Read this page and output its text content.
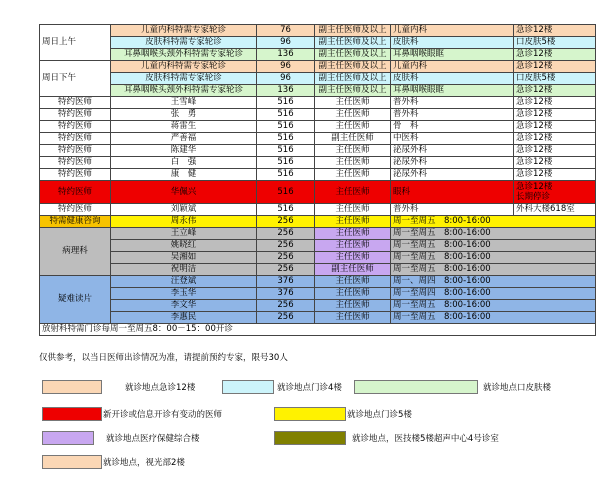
周日上午	儿童内科特需专家轮诊	76	副主任医师及以上	儿童内科	急诊12楼
	皮肤科特需专家轮诊	96	副主任医师及以上	皮肤科	口皮肤5楼
	耳鼻咽喉头颈外科特需专家轮诊	136	副主任医师及以上	耳鼻咽喉眼眶	急诊12楼
周日下午	儿童内科特需专家轮诊	96	副主任医师及以上	儿童内科	急诊12楼
	皮肤科特需专家轮诊	96	副主任医师及以上	皮肤科	口皮肤5楼
	耳鼻咽喉头颈外科特需专家轮诊	136	副主任医师及以上	耳鼻咽喉眼眶	急诊12楼
特约医师	王雪峰	516	主任医师	普外科	急诊12楼
特约医师	张　勇	516	主任医师	普外科	急诊12楼
特约医师	蒋雷生	516	主任医师	骨　科	急诊12楼
特约医师	严善福	516	副主任医师	中医科	急诊12楼
特约医师	陈建华	516	主任医师	泌尿外科	急诊12楼
特约医师	白　强	516	主任医师	泌尿外科	急诊12楼
特约医师	康　健	516	主任医师	泌尿外科	急诊12楼
特约医师	华佩兴	516	主任医师	眼科	急诊12楼
长期停诊

特约医师	刘颖斌	516	主任医师	普外科	外科大楼618室
特需健康咨询	周永伟	256	主任医师	周一至周五　8:00-16:00	
病理科	王立峰	256	主任医师	周一至周五　8:00-16:00	
	姚晓红	256	主任医师	周一至周五　8:00-16:00	
	吴湘如	256	主任医师	周一至周五　8:00-16:00	
	祝明洁	256	副主任医师	周一至周五　8:00-16:00	
疑难读片	汪登斌	376	主任医师	周一、周四　8:00-16:00	
	李玉华	376	主任医师	周一至周四　8:00-16:00	
	李文华	256	主任医师	周一至周五　8:00-16:00	
	李惠民	256	主任医师	周一至周五　8:00-16:00	
放射科特需门诊每周一至周五8：00－15：00开诊					
仅供参考，以当日医师出诊情况为准，请提前预约专家，限号30人
就诊地点急诊12楼	就诊地点门诊4楼	就诊地点口皮肤楼
新开诊或信息开诊有变动的医师	就诊地点门诊5楼
就诊地点医疗保健综合楼	就诊地点，医技楼5楼超声中心4号诊室
就诊地点，视光部2楼
